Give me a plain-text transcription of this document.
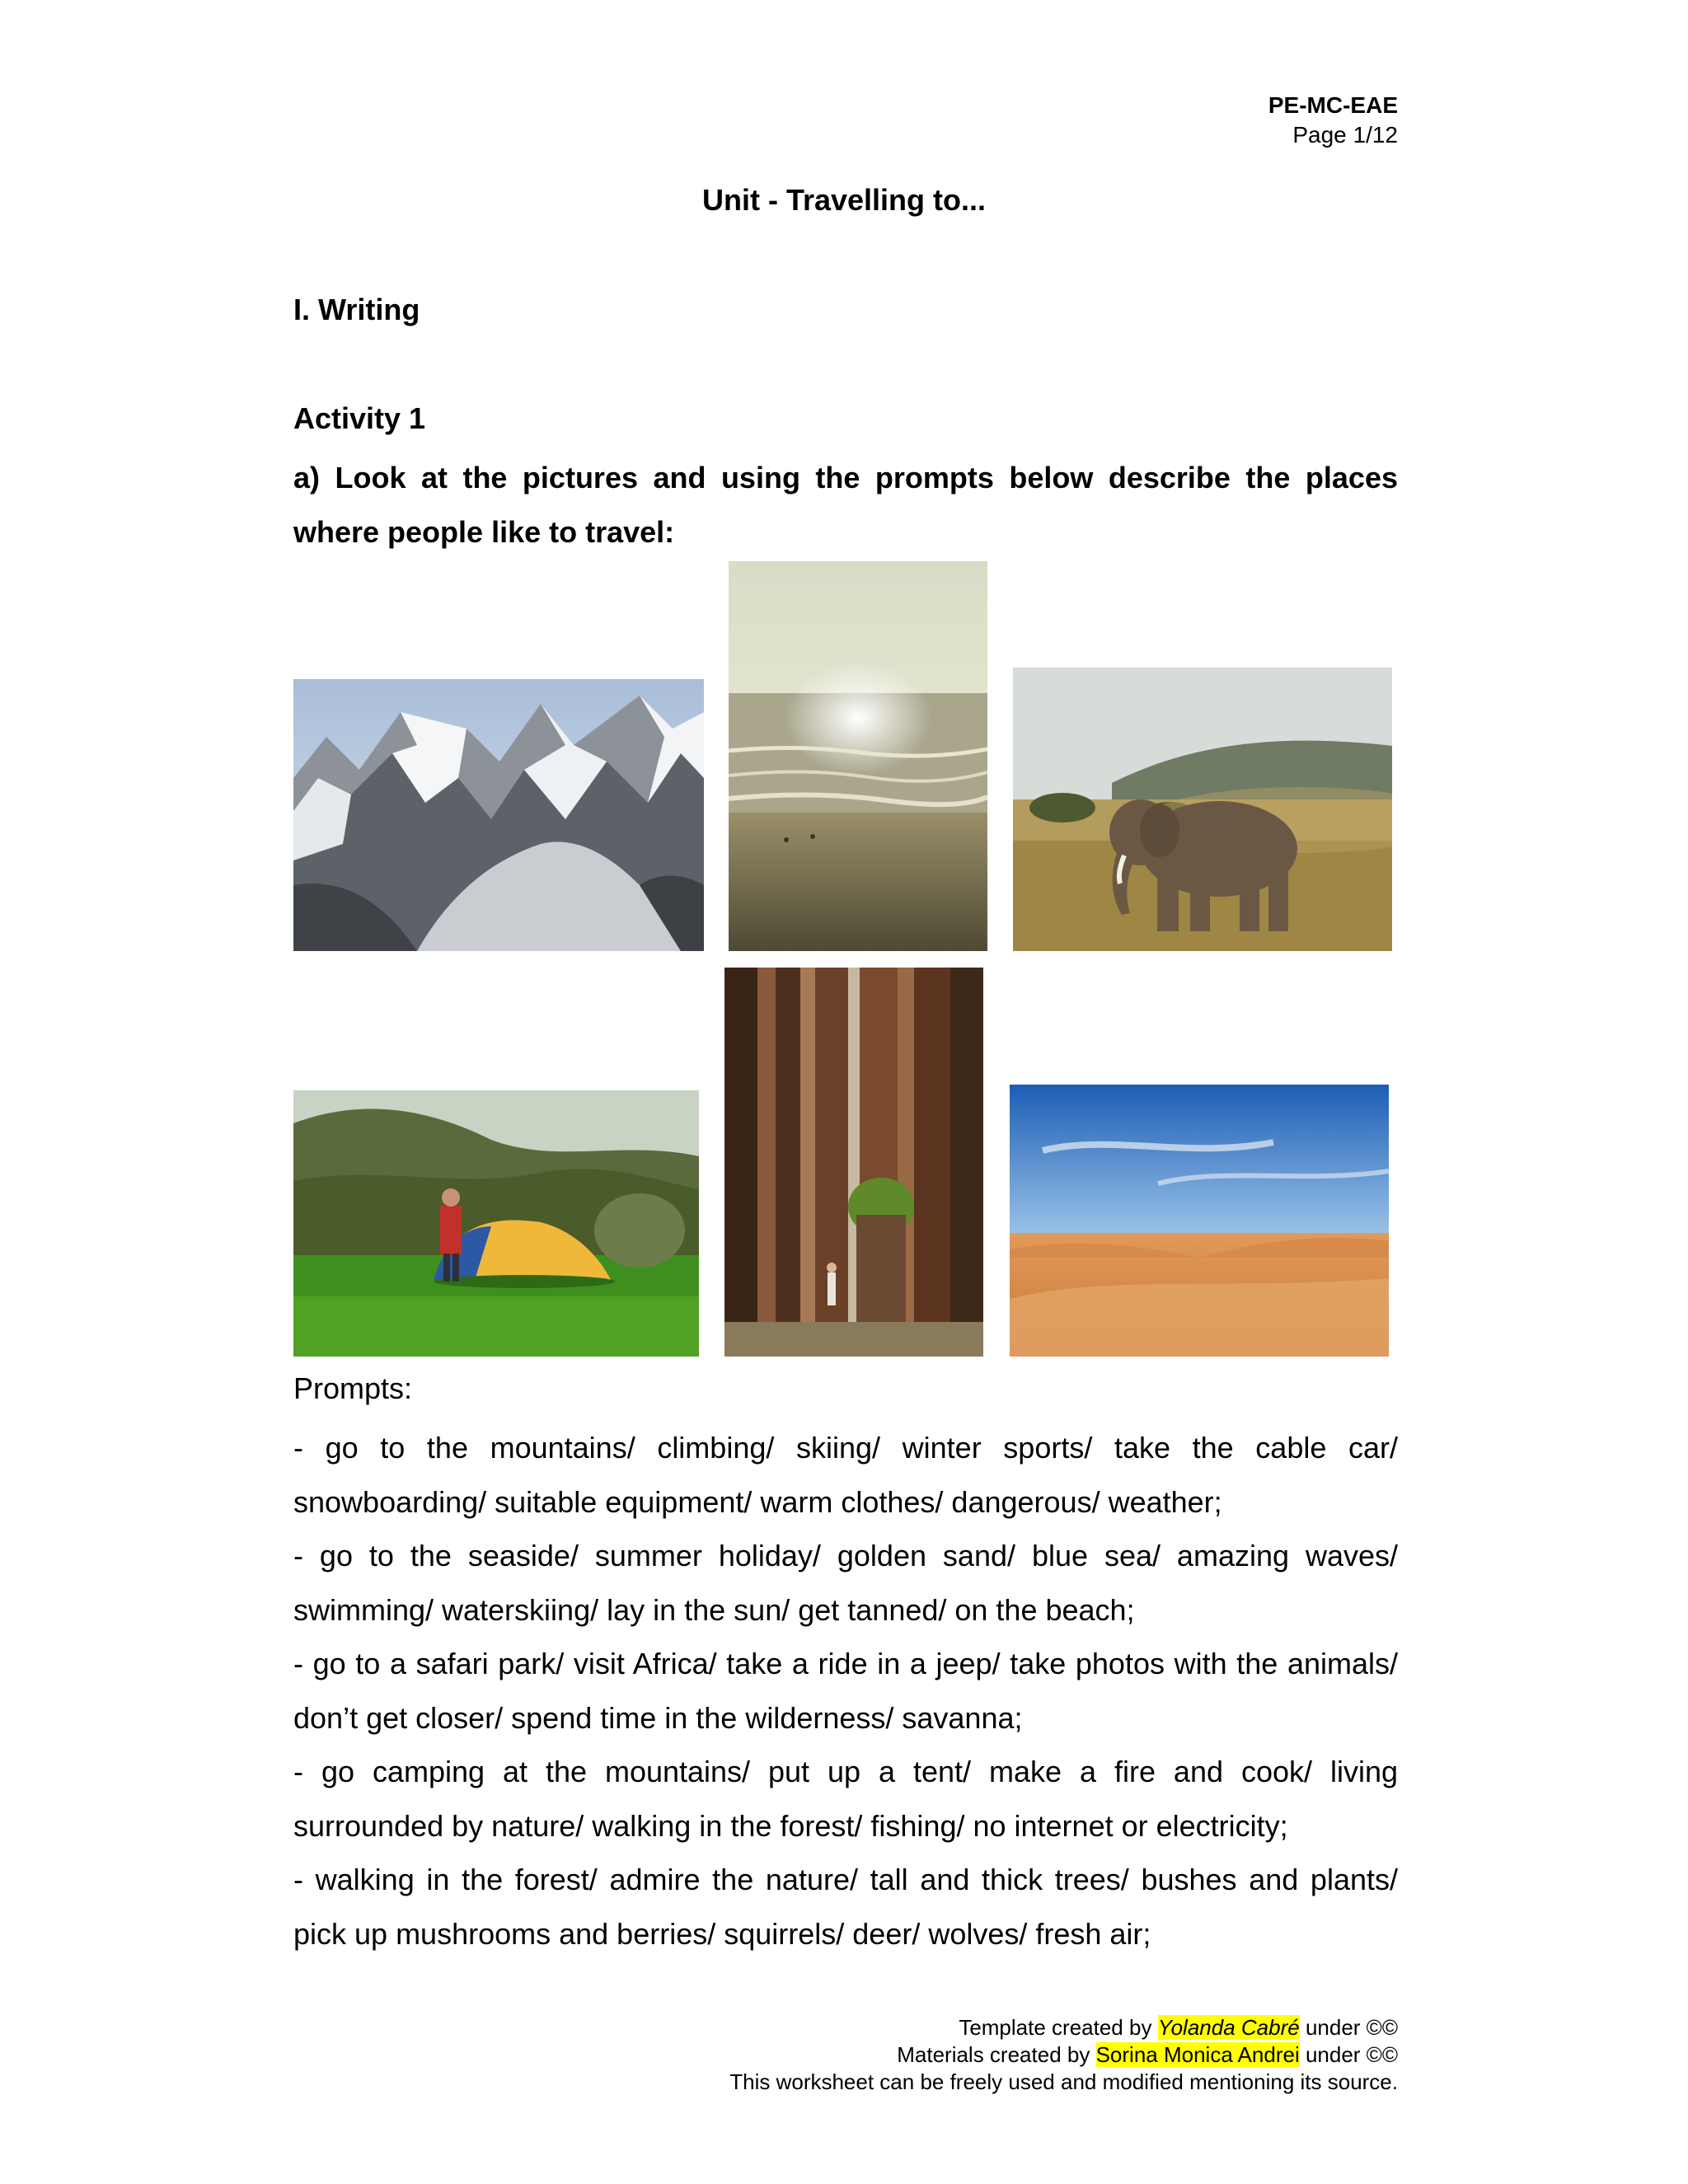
PE-MC-EAE
Page 1/12
Unit - Travelling to...
I. Writing
Activity 1
a) Look at the pictures and using the prompts below describe the places where people like to travel:
Prompts:
- go to the mountains/ climbing/ skiing/ winter sports/ take the cable car/ snowboarding/ suitable equipment/ warm clothes/ dangerous/ weather;
- go to the seaside/ summer holiday/ golden sand/ blue sea/ amazing waves/ swimming/ waterskiing/ lay in the sun/ get tanned/ on the beach;
- go to a safari park/ visit Africa/ take a ride in a jeep/ take photos with the animals/ don’t get closer/ spend time in the wilderness/ savanna;
- go camping at the mountains/ put up a tent/ make a fire and cook/ living surrounded by nature/ walking in the forest/ fishing/ no internet or electricity;
- walking in the forest/ admire the nature/ tall and thick trees/ bushes and plants/ pick up mushrooms and berries/ squirrels/ deer/ wolves/ fresh air;
Template created by Yolanda Cabré under ©©
Materials created by Sorina Monica Andrei under ©©
This worksheet can be freely used and modified mentioning its source.
